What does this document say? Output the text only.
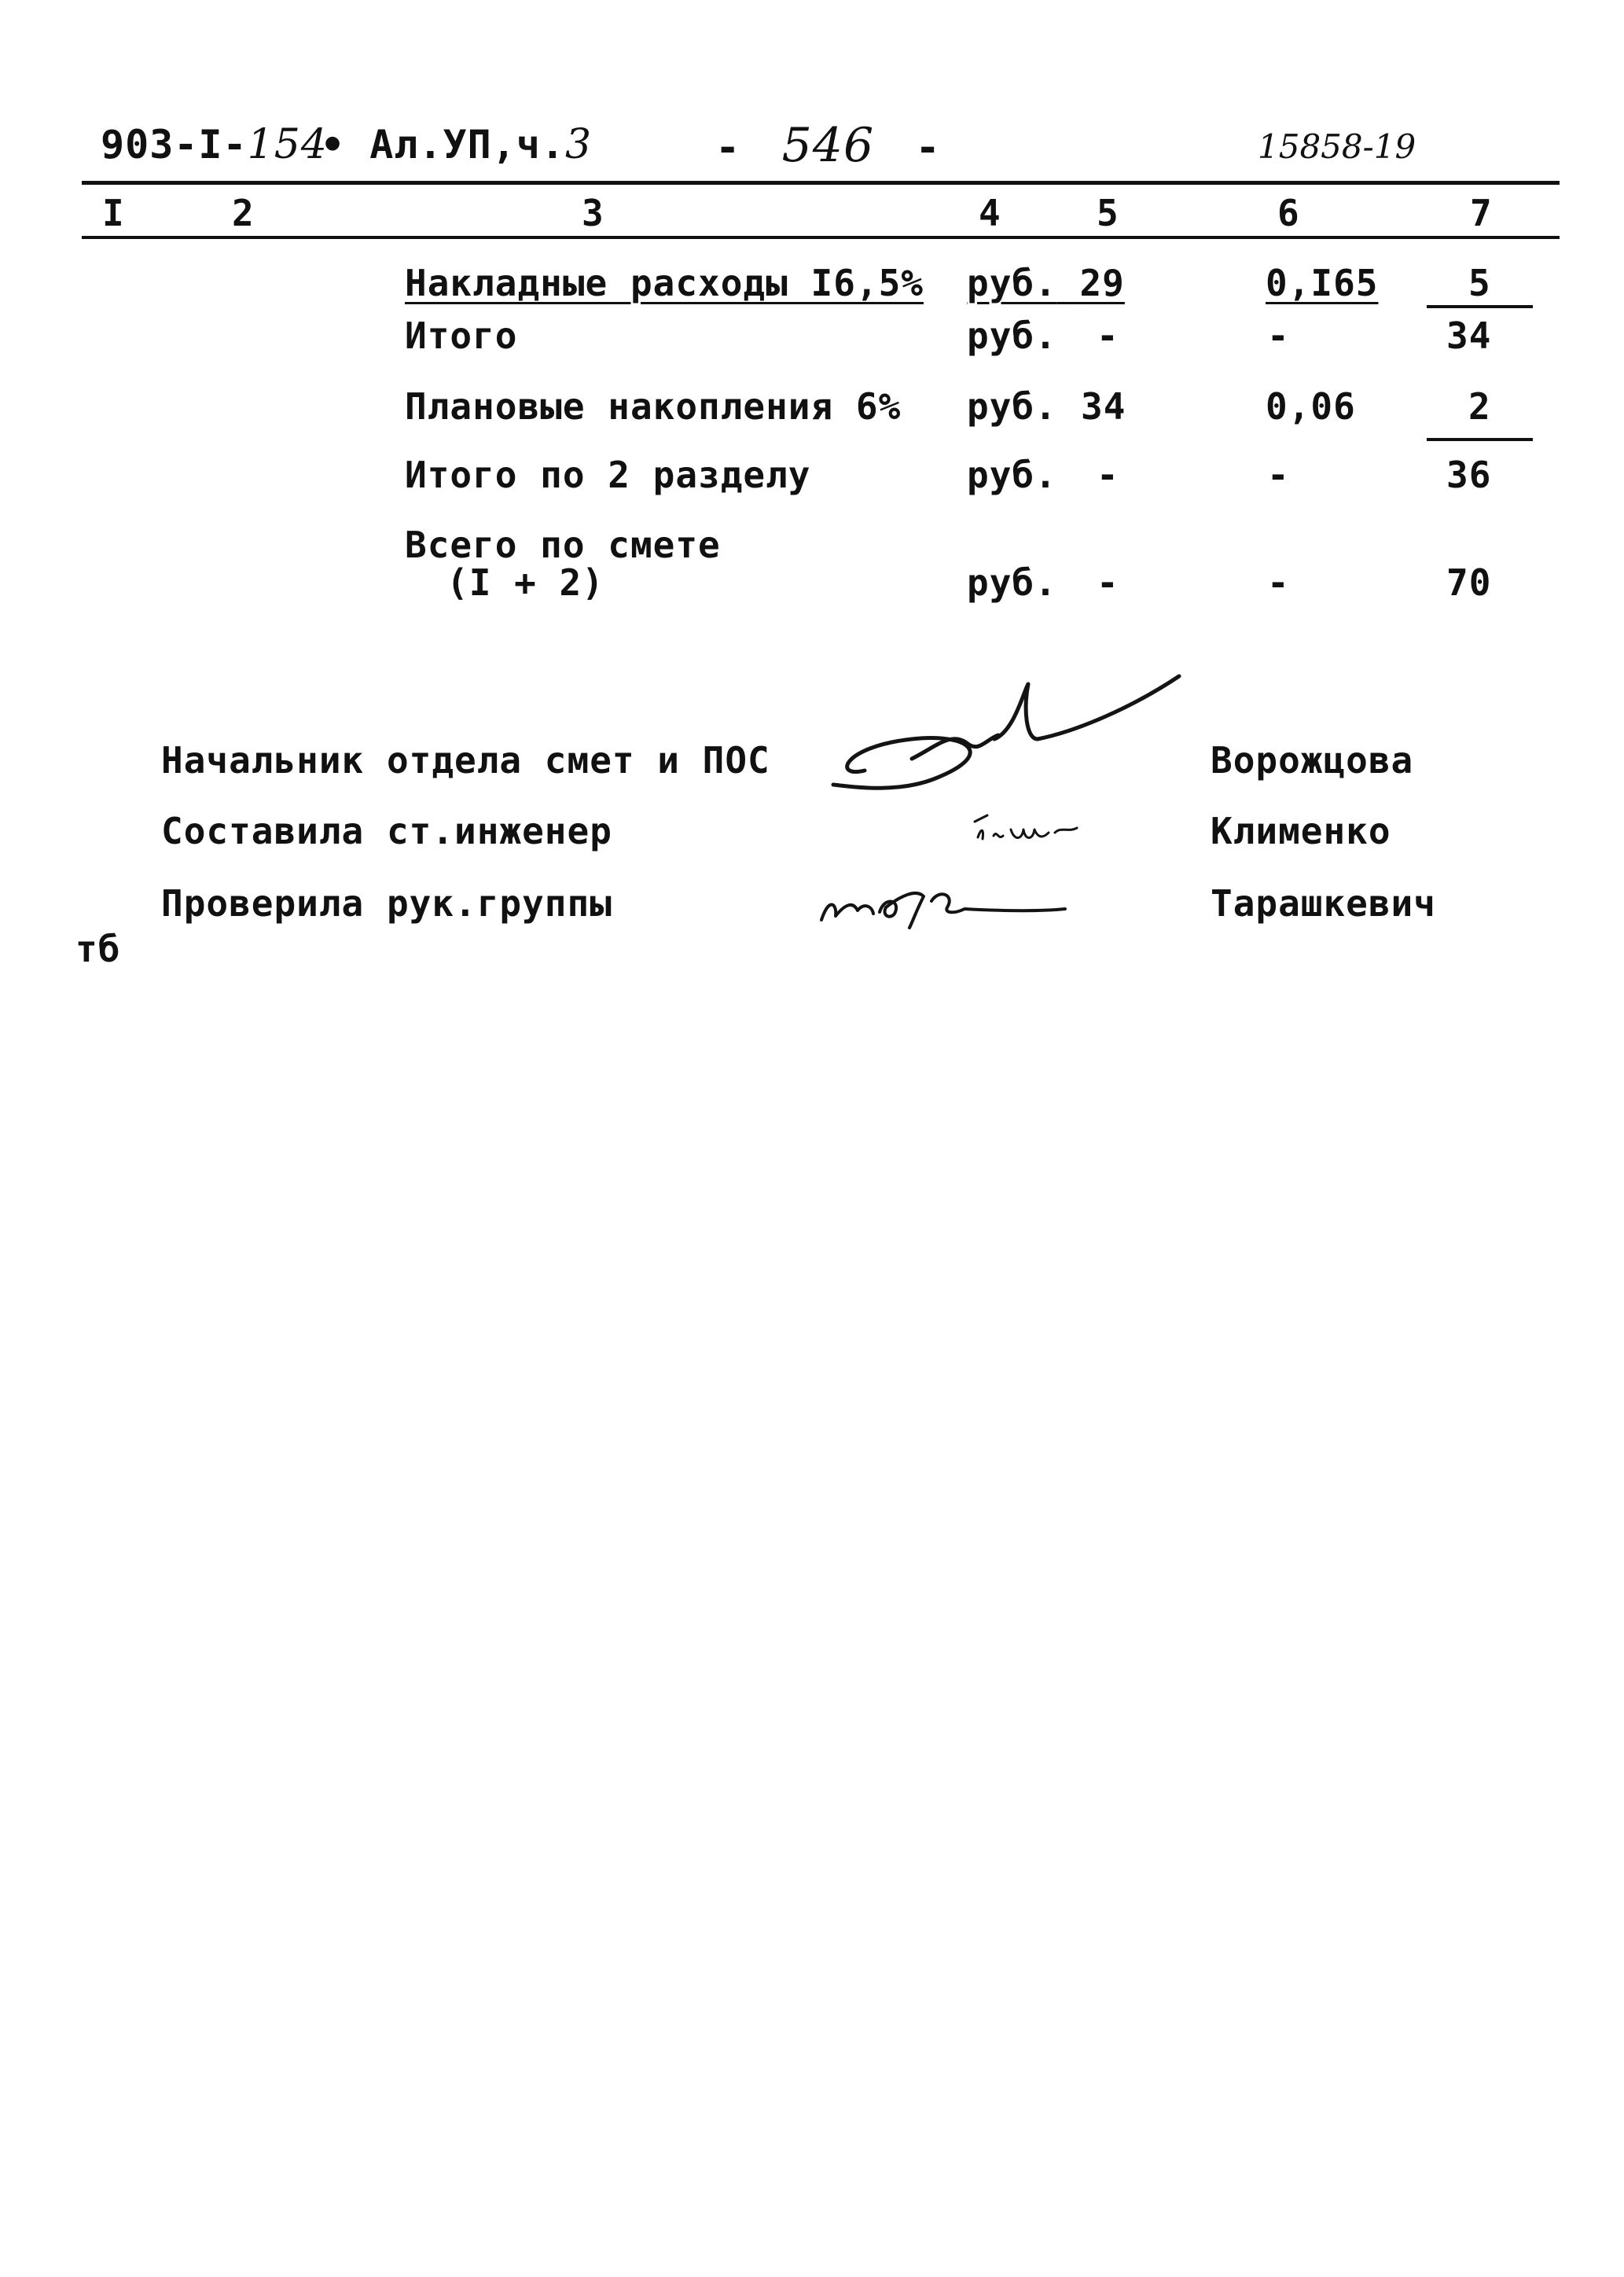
903-I-154
• Ал.УП,ч.3	- 546 -	15858-19
I	2	3	4	5	6	7
Накладные расходы I6,5% руб. 29	0,I65 5
Итого	руб. -	-	34
Плановые накопления 6% руб. 34	0,06	2
Итого по 2 разделу	руб. -	-	36
Всего по смете
(I + 2)	руб. -	-	70
Начальник отдела смет и ПОС	Ворожцова
Составила ст.инженер	Клименко
Проверила рук.группы	Тарашкевич
тб
